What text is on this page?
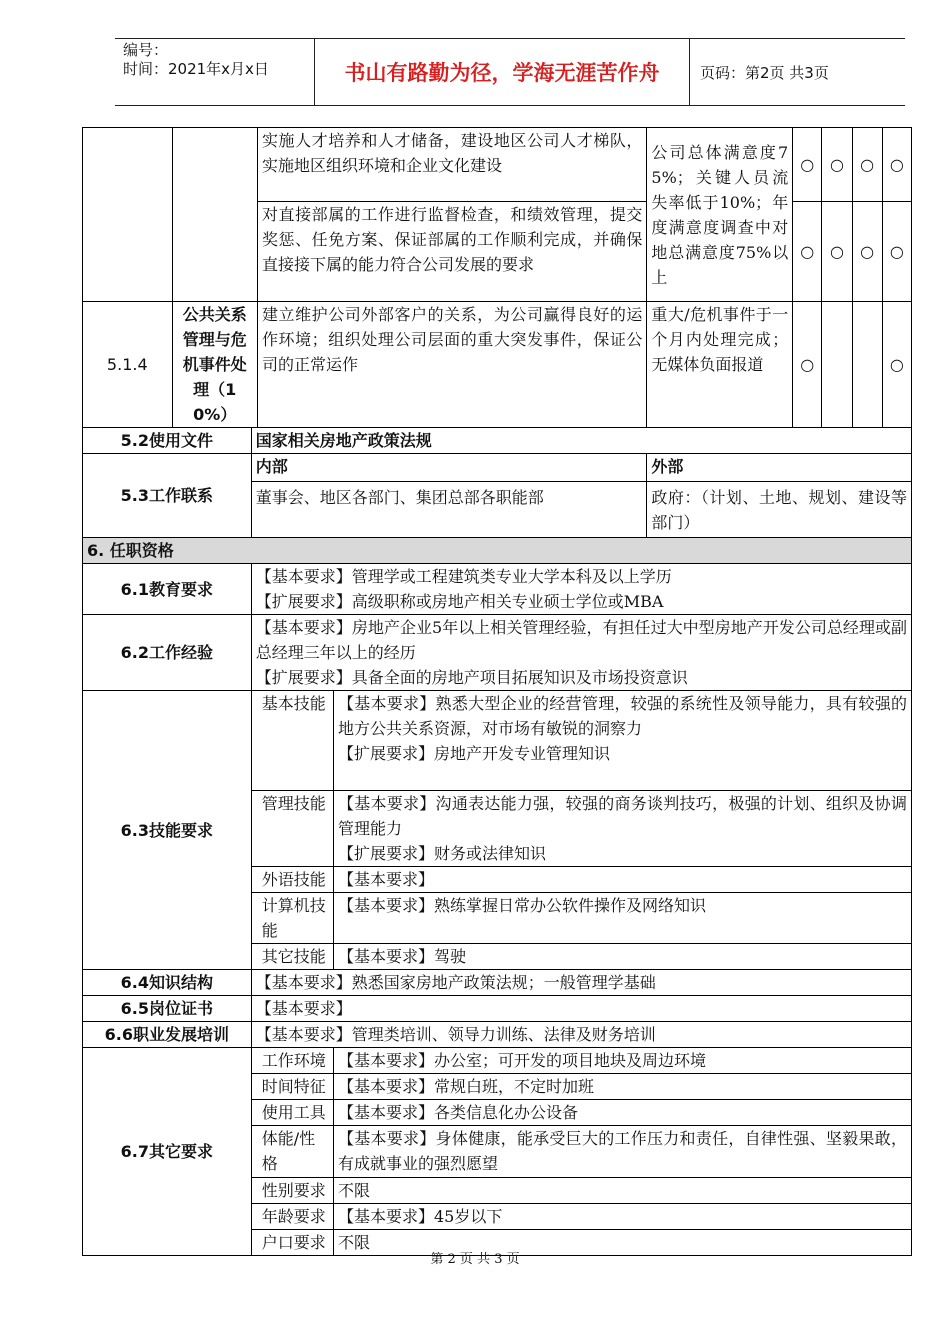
编号：
时间：2021年x月x日	书山有路勤为径，学海无涯苦作舟	页码：第2页 共3页
			实施人才培养和人才储备，建设地区公司人才梯队，实施地区组织环境和企业文化建设		公司总体满意度75%；关键人员流失率低于10%；年度满意度调查中对地总满意度75%以上	○	○	○	○
			对直接部属的工作进行监督检查，和绩效管理，提交奖惩、任免方案、保证部属的工作顺利完成，并确保直接接下属的能力符合公司发展的要求			○	○	○	○
5.1.4	公共关系管理与危机事件处理（10%）		建立维护公司外部客户的关系，为公司赢得良好的运作环境；组织处理公司层面的重大突发事件，保证公司的正常运作		重大/危机事件于一个月内处理完成；无媒体负面报道	○			○
5.2使用文件		国家相关房地产政策法规							
5.3工作联系		内部			外部				
		董事会、地区各部门、集团总部各职能部			政府：（计划、土地、规划、建设等部门）				
6. 任职资格									
6.1教育要求		【基本要求】管理学或工程建筑类专业大学本科及以上学历
【扩展要求】高级职称或房地产相关专业硕士学位或MBA							

6.2工作经验		【基本要求】房地产企业5年以上相关管理经验，有担任过大中型房地产开发公司总经理或副总经理三年以上的经历
【扩展要求】具备全面的房地产项目拓展知识及市场投资意识							

6.3技能要求		基本技能		【基本要求】熟悉大型企业的经营管理，较强的系统性及领导能力，具有较强的地方公共关系资源，对市场有敏锐的洞察力
【扩展要求】房地产开发专业管理知识					

		管理技能		【基本要求】沟通表达能力强，较强的商务谈判技巧，极强的计划、组织及协调管理能力
【扩展要求】财务或法律知识					

		外语技能		【基本要求】					
		计算机技能		【基本要求】熟练掌握日常办公软件操作及网络知识					
		其它技能		【基本要求】驾驶					
6.4知识结构		【基本要求】熟悉国家房地产政策法规；一般管理学基础							
6.5岗位证书		【基本要求】							
6.6职业发展培训		【基本要求】管理类培训、领导力训练、法律及财务培训							
6.7其它要求		工作环境		【基本要求】办公室；可开发的项目地块及周边环境					
		时间特征		【基本要求】常规白班，不定时加班					
		使用工具		【基本要求】各类信息化办公设备					
		体能/性格		【基本要求】身体健康，能承受巨大的工作压力和责任，自律性强、坚毅果敢，有成就事业的强烈愿望					
		性别要求		不限					
		年龄要求		【基本要求】45岁以下					
		户口要求		不限					
第 2 页 共 3 页
